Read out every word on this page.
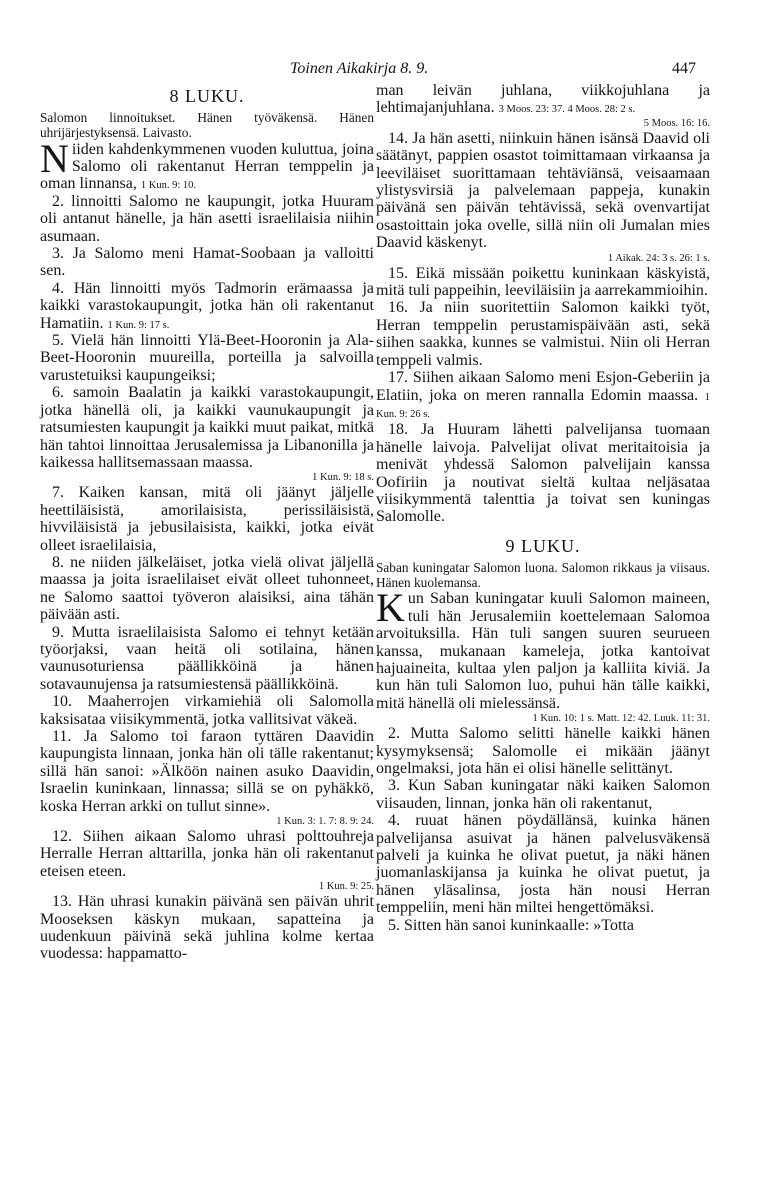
Toinen Aikakirja 8. 9.	447
8 LUKU.

Salomon linnoitukset. Hänen työväkensä. Hänen uhrijärjestyksensä. Laivasto.

Niiden kahdenkymmenen vuoden kuluttua, joina Salomo oli rakentanut Herran temppelin ja oman linnansa, 1 Kun. 9: 10.

2. linnoitti Salomo ne kaupungit, jotka Huuram oli antanut hänelle, ja hän asetti israelilaisia niihin asumaan.

3. Ja Salomo meni Hamat-Soobaan ja valloitti sen.

4. Hän linnoitti myös Tadmorin erämaassa ja kaikki varastokaupungit, jotka hän oli rakentanut Hamatiin. 1 Kun. 9: 17 s.

5. Vielä hän linnoitti Ylä-Beet-Hooronin ja Ala-Beet-Hooronin muureilla, porteilla ja salvoilla varustetuiksi kaupungeiksi;

6. samoin Baalatin ja kaikki varastokaupungit, jotka hänellä oli, ja kaikki vaunukaupungit ja ratsumiesten kaupungit ja kaikki muut paikat, mitkä hän tahtoi linnoittaa Jerusalemissa ja Libanonilla ja kaikessa hallitsemassaan maassa.

1 Kun. 9: 18 s.

7. Kaiken kansan, mitä oli jäänyt jäljelle heettiläisistä, amorilaisista, perissiläisistä, hivviläisistä ja jebusilaisista, kaikki, jotka eivät olleet israelilaisia,

8. ne niiden jälkeläiset, jotka vielä olivat jäljellä maassa ja joita israelilaiset eivät olleet tuhonneet, ne Salomo saattoi työveron alaisiksi, aina tähän päivään asti.

9. Mutta israelilaisista Salomo ei tehnyt ketään työorjaksi, vaan heitä oli sotilaina, hänen vaunusoturiensa päällikköinä ja hänen sotavaunujensa ja ratsumiestensä päällikköinä.

10. Maaherrojen virkamiehiä oli Salomolla kaksisataa viisikymmentä, jotka vallitsivat väkeä.

11. Ja Salomo toi faraon tyttären Daavidin kaupungista linnaan, jonka hän oli tälle rakentanut; sillä hän sanoi: »Älköön nainen asuko Daavidin, Israelin kuninkaan, linnassa; sillä se on pyhäkkö, koska Herran arkki on tullut sinne».

1 Kun. 3: 1. 7: 8. 9: 24.

12. Siihen aikaan Salomo uhrasi polttouhreja Herralle Herran alttarilla, jonka hän oli rakentanut eteisen eteen.

1 Kun. 9: 25.

13. Hän uhrasi kunakin päivänä sen päivän uhrit Mooseksen käskyn mukaan, sapatteina ja uudenkuun päivinä sekä juhlina kolme kertaa vuodessa: happamatto-

man leivän juhlana, viikkojuhlana ja lehtimajanjuhlana. 3 Moos. 23: 37. 4 Moos. 28: 2 s.

5 Moos. 16: 16.

14. Ja hän asetti, niinkuin hänen isänsä Daavid oli säätänyt, pappien osastot toimittamaan virkaansa ja leeviläiset suorittamaan tehtäviänsä, veisaamaan ylistysvirsiä ja palvelemaan pappeja, kunakin päivänä sen päivän tehtävissä, sekä ovenvartijat osastoittain joka ovelle, sillä niin oli Jumalan mies Daavid käskenyt.

1 Aikak. 24: 3 s. 26: 1 s.

15. Eikä missään poikettu kuninkaan käskyistä, mitä tuli pappeihin, leeviläisiin ja aarrekammioihin.

16. Ja niin suoritettiin Salomon kaikki työt, Herran temppelin perustamispäivään asti, sekä siihen saakka, kunnes se valmistui. Niin oli Herran temppeli valmis.

17. Siihen aikaan Salomo meni Esjon-Geberiin ja Elatiin, joka on meren rannalla Edomin maassa. 1 Kun. 9: 26 s.

18. Ja Huuram lähetti palvelijansa tuomaan hänelle laivoja. Palvelijat olivat meritaitoisia ja menivät yhdessä Salomon palvelijain kanssa Oofiriin ja noutivat sieltä kultaa neljäsataa viisikymmentä talenttia ja toivat sen kuningas Salomolle.

9 LUKU.

Saban kuningatar Salomon luona. Salomon rikkaus ja viisaus. Hänen kuolemansa.

Kun Saban kuningatar kuuli Salomon maineen, tuli hän Jerusalemiin koettelemaan Salomoa arvoituksilla. Hän tuli sangen suuren seurueen kanssa, mukanaan kameleja, jotka kantoivat hajuaineita, kultaa ylen paljon ja kalliita kiviä. Ja kun hän tuli Salomon luo, puhui hän tälle kaikki, mitä hänellä oli mielessänsä.

1 Kun. 10: 1 s. Matt. 12: 42. Luuk. 11: 31.

2. Mutta Salomo selitti hänelle kaikki hänen kysymyksensä; Salomolle ei mikään jäänyt ongelmaksi, jota hän ei olisi hänelle selittänyt.

3. Kun Saban kuningatar näki kaiken Salomon viisauden, linnan, jonka hän oli rakentanut,

4. ruuat hänen pöydällänsä, kuinka hänen palvelijansa asuivat ja hänen palvelusväkensä palveli ja kuinka he olivat puetut, ja näki hänen juomanlaskijansa ja kuinka he olivat puetut, ja hänen yläsalinsa, josta hän nousi Herran temppeliin, meni hän miltei hengettömäksi.

5. Sitten hän sanoi kuninkaalle: »Totta
